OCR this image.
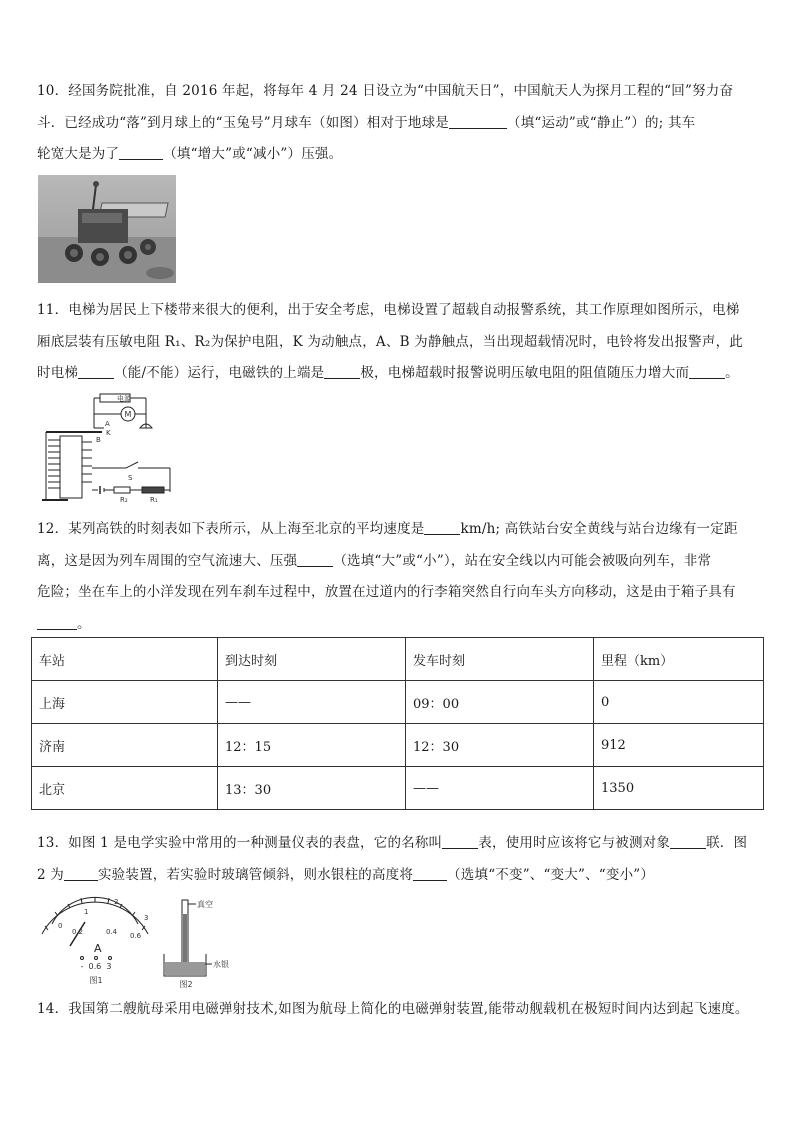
10．经国务院批准，自 2016 年起，将每年 4 月 24 日设立为“中国航天日”，中国航天人为探月工程的“回”努力奋

斗．已经成功“落”到月球上的“玉兔号”月球车（如图）相对于地球是	（填“运动”或“静止”）的; 其车

轮宽大是为了	（填“增大”或“减小”）压强。

11．电梯为居民上下楼带来很大的便利，出于安全考虑，电梯设置了超载自动报警系统，其工作原理如图所示，电梯

厢底层装有压敏电阻 R₁、R₂为保护电阻，K 为动触点，A、B 为静触点，当出现超载情况时，电铃将发出报警声，此

时电梯	（能/不能）运行，电磁铁的上端是	极，电梯超载时报警说明压敏电阻的阻值随压力增大而	。

电源
M
A
K
B
S
R₂	R₁

12．某列高铁的时刻表如下表所示，从上海至北京的平均速度是	km/h; 高铁站台安全黄线与站台边缘有一定距

离，这是因为列车周围的空气流速大、压强	（选填“大”或“小”），站在安全线以内可能会被吸向列车，非常

危险；坐在车上的小洋发现在列车刹车过程中，放置在过道内的行李箱突然自行向车头方向移动，这是由于箱子具有

。

车站	到达时刻	发车时刻	里程（km）
上海	——	09：00	0
济南	12：15	12：30	912
北京	13：30	——	1350

13．如图 1 是电学实验中常用的一种测量仪表的表盘，它的名称叫	表，使用时应该将它与被测对象	联．图

2 为	实验装置，若实验时玻璃管倾斜，则水银柱的高度将	（选填“不变”、“变大”、“变小”）

0
1
2
3
0.2	0.4 0.6
A
-  0.6  3
图1
真空
水银
图2

14．我国第二艘航母采用电磁弹射技术,如图为航母上简化的电磁弹射装置,能带动舰载机在极短时间内达到起飞速度。
